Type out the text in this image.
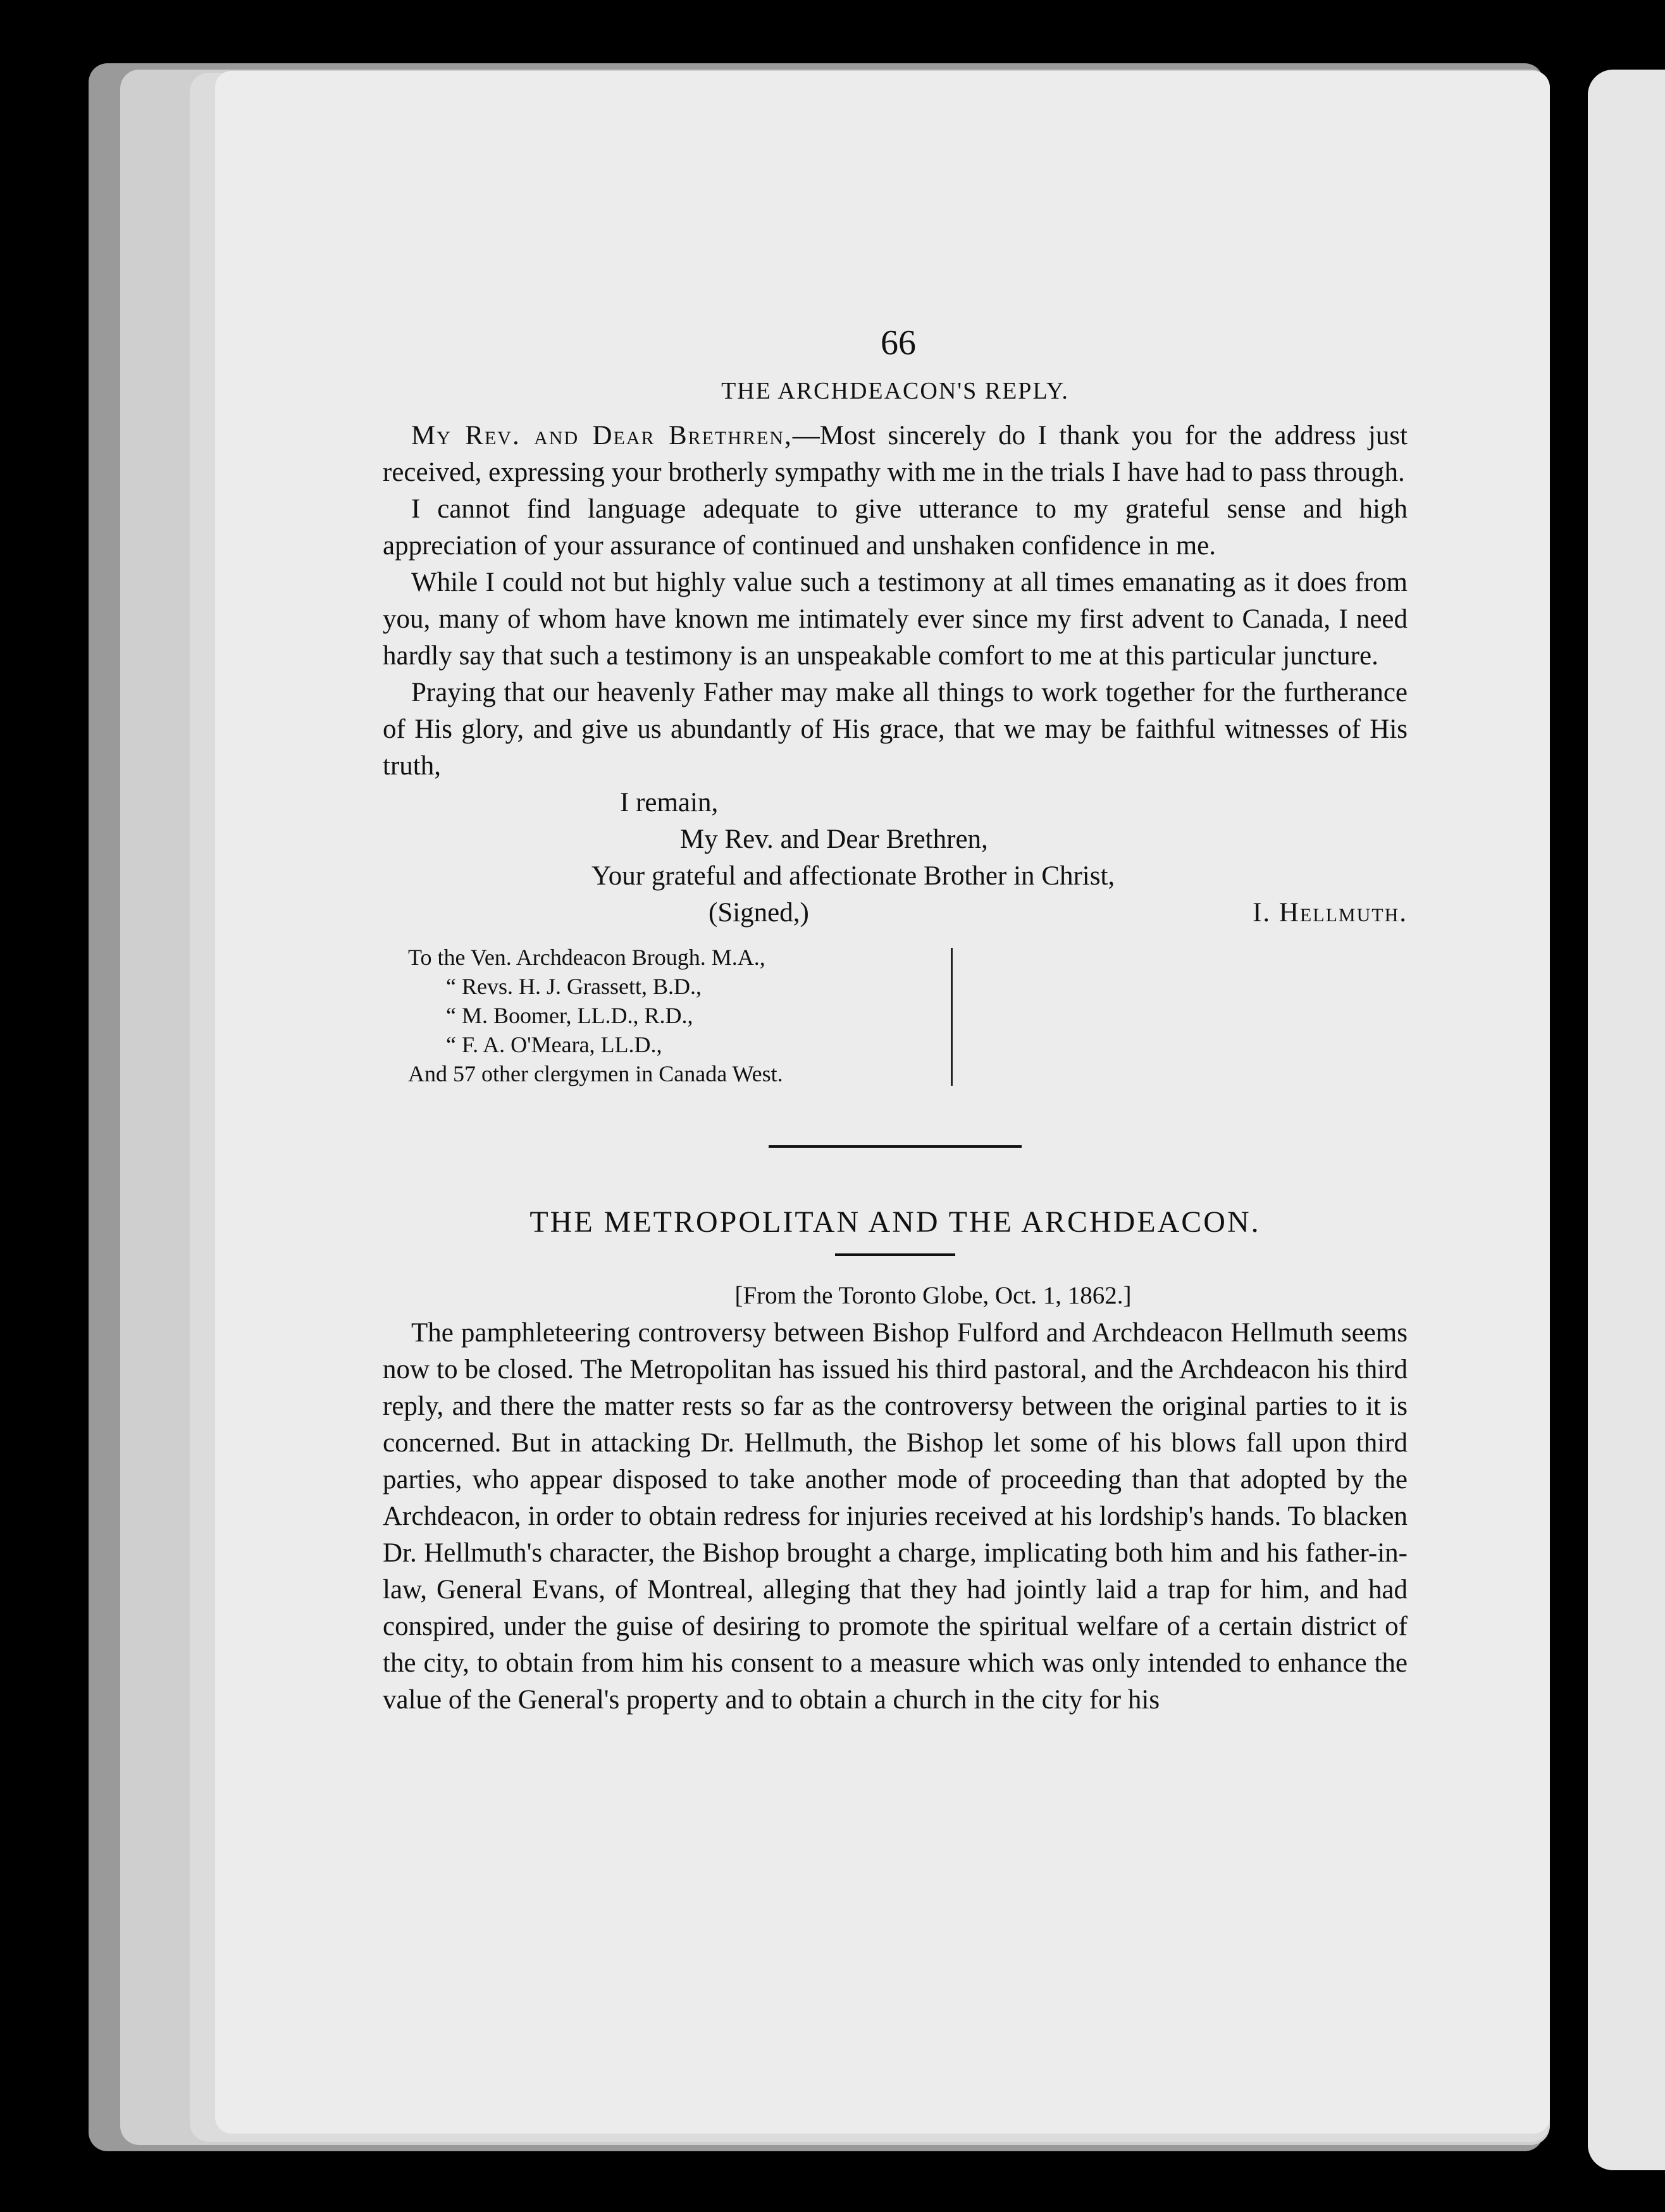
66
THE ARCHDEACON'S REPLY.

My Rev. and Dear Brethren,—Most sincerely do I thank you for the address just received, expressing your brotherly sympathy with me in the trials I have had to pass through.

I cannot find language adequate to give utterance to my grateful sense and high appreciation of your assurance of continued and unshaken confidence in me.

While I could not but highly value such a testimony at all times emanating as it does from you, many of whom have known me intimately ever since my first advent to Canada, I need hardly say that such a testimony is an unspeakable comfort to me at this particular juncture.

Praying that our heavenly Father may make all things to work together for the furtherance of His glory, and give us abundantly of His grace, that we may be faithful witnesses of His truth,

I remain,
My Rev. and Dear Brethren,
Your grateful and affectionate Brother in Christ,
(Signed,)	I. Hellmuth.
To the Ven. Archdeacon Brough. M.A.,
“ Revs. H. J. Grassett, B.D.,
“ M. Boomer, LL.D., R.D.,
“ F. A. O'Meara, LL.D.,
And 57 other clergymen in Canada West.
THE METROPOLITAN AND THE ARCHDEACON.
[From the Toronto Globe, Oct. 1, 1862.]

The pamphleteering controversy between Bishop Fulford and Archdeacon Hellmuth seems now to be closed. The Metropolitan has issued his third pastoral, and the Archdeacon his third reply, and there the matter rests so far as the controversy between the original parties to it is concerned. But in attacking Dr. Hellmuth, the Bishop let some of his blows fall upon third parties, who appear disposed to take another mode of proceeding than that adopted by the Archdeacon, in order to obtain redress for injuries received at his lordship's hands. To blacken Dr. Hellmuth's character, the Bishop brought a charge, implicating both him and his father-in-law, General Evans, of Montreal, alleging that they had jointly laid a trap for him, and had conspired, under the guise of desiring to promote the spiritual welfare of a certain district of the city, to obtain from him his consent to a measure which was only intended to enhance the value of the General's property and to obtain a church in the city for his
